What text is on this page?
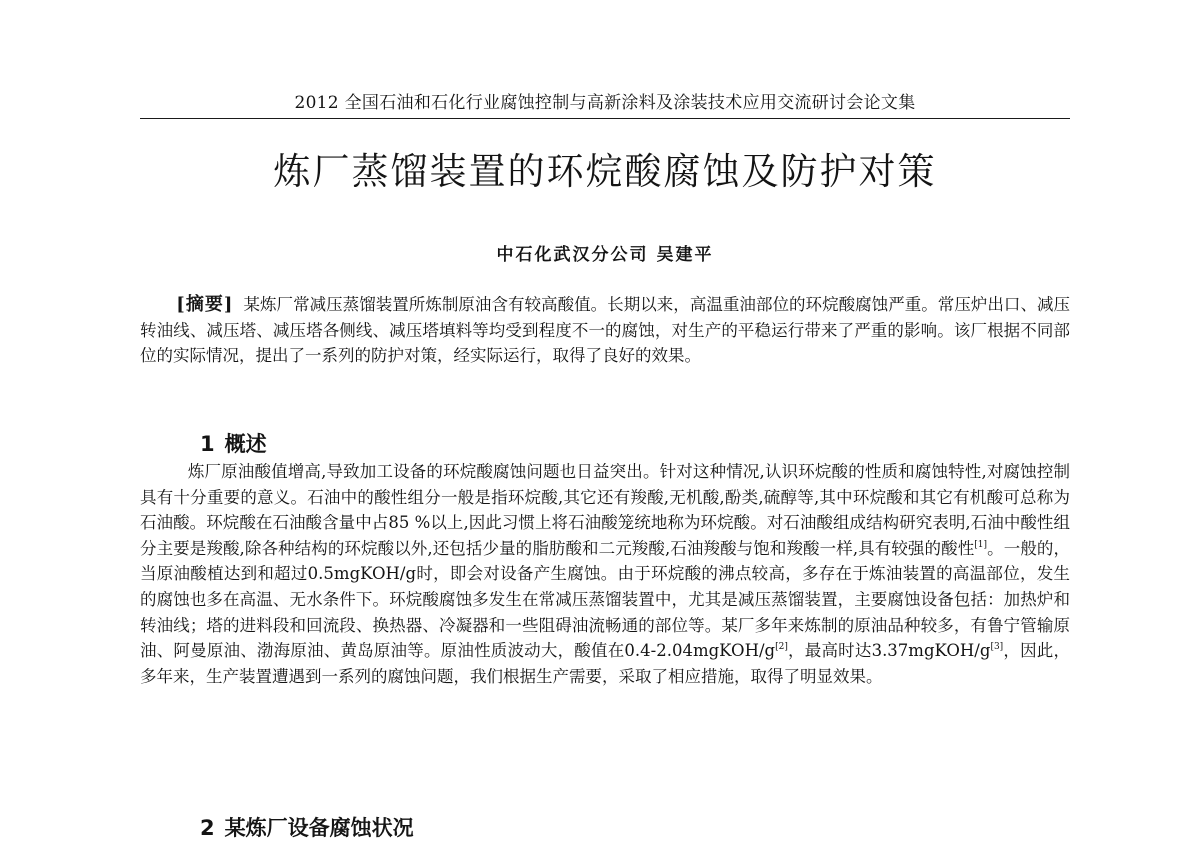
2012 全国石油和石化行业腐蚀控制与高新涂料及涂装技术应用交流研讨会论文集
炼厂蒸馏装置的环烷酸腐蚀及防护对策
中石化武汉分公司 吴建平

[摘要] 某炼厂常减压蒸馏装置所炼制原油含有较高酸值。长期以来，高温重油部位的环烷酸腐蚀严重。常压炉出口、减压转油线、减压塔、减压塔各侧线、减压塔填料等均受到程度不一的腐蚀，对生产的平稳运行带来了严重的影响。该厂根据不同部位的实际情况，提出了一系列的防护对策，经实际运行，取得了良好的效果。

1 概述

炼厂原油酸值增高,导致加工设备的环烷酸腐蚀问题也日益突出。针对这种情况,认识环烷酸的性质和腐蚀特性,对腐蚀控制具有十分重要的意义。石油中的酸性组分一般是指环烷酸,其它还有羧酸,无机酸,酚类,硫醇等,其中环烷酸和其它有机酸可总称为石油酸。环烷酸在石油酸含量中占85 %以上,因此习惯上将石油酸笼统地称为环烷酸。对石油酸组成结构研究表明,石油中酸性组分主要是羧酸,除各种结构的环烷酸以外,还包括少量的脂肪酸和二元羧酸,石油羧酸与饱和羧酸一样,具有较强的酸性[1]。一般的，当原油酸植达到和超过0.5mgKOH/g时，即会对设备产生腐蚀。由于环烷酸的沸点较高，多存在于炼油装置的高温部位，发生的腐蚀也多在高温、无水条件下。环烷酸腐蚀多发生在常减压蒸馏装置中，尤其是减压蒸馏装置，主要腐蚀设备包括：加热炉和转油线；塔的进料段和回流段、换热器、冷凝器和一些阻碍油流畅通的部位等。某厂多年来炼制的原油品种较多，有鲁宁管输原油、阿曼原油、渤海原油、黄岛原油等。原油性质波动大，酸值在0.4-2.04mgKOH/g[2]，最高时达3.37mgKOH/g[3]，因此，多年来，生产装置遭遇到一系列的腐蚀问题，我们根据生产需要，采取了相应措施，取得了明显效果。

2 某炼厂设备腐蚀状况
